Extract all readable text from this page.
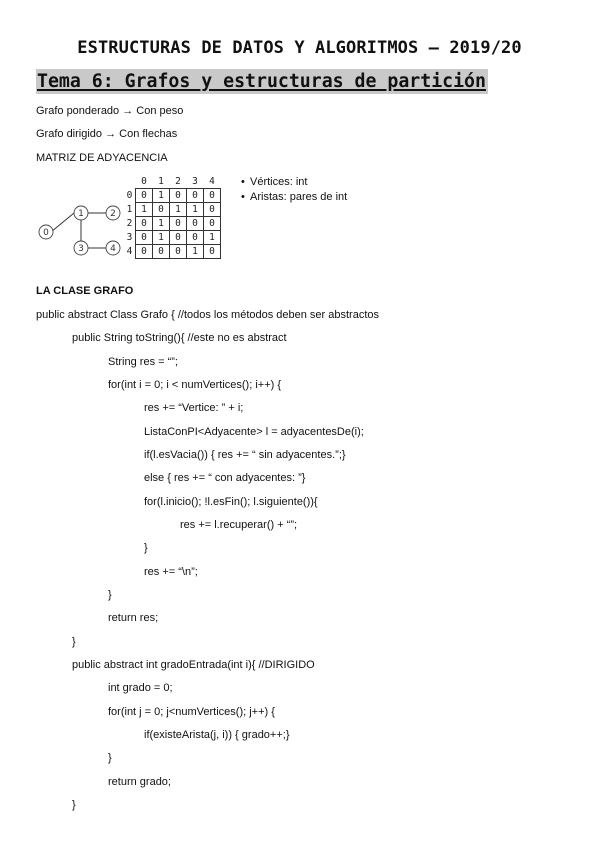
ESTRUCTURAS DE DATOS Y ALGORITMOS – 2019/20
Tema 6: Grafos y estructuras de partición
Grafo ponderado → Con peso
Grafo dirigido → Con flechas
MATRIZ DE ADYACENCIA
0
1	2
3	4
	0	1	2	3	4
0	0	1	0	0	0
1	1	0	1	1	0
2	0	1	0	0	0
3	0	1	0	0	1
4	0	0	0	1	0
• Vértices: int
• Aristas: pares de int
LA CLASE GRAFO
public abstract Class Grafo { //todos los métodos deben ser abstractos
public String toString(){ //este no es abstract
String res = “”;
for(int i = 0; i < numVertices(); i++) {
res += “Vertice: ” + i;
ListaConPI<Adyacente> l = adyacentesDe(i);
if(l.esVacia()) { res += “ sin adyacentes.”;}
else { res += “ con adyacentes: ”}
for(l.inicio(); !l.esFin(); l.siguiente()){
res += l.recuperar() + “”;
}
res += “\n”;
}
return res;
}
public abstract int gradoEntrada(int i){ //DIRIGIDO
int grado = 0;
for(int j = 0; j<numVertices(); j++) {
if(existeArista(j, i)) { grado++;}
}
return grado;
}
